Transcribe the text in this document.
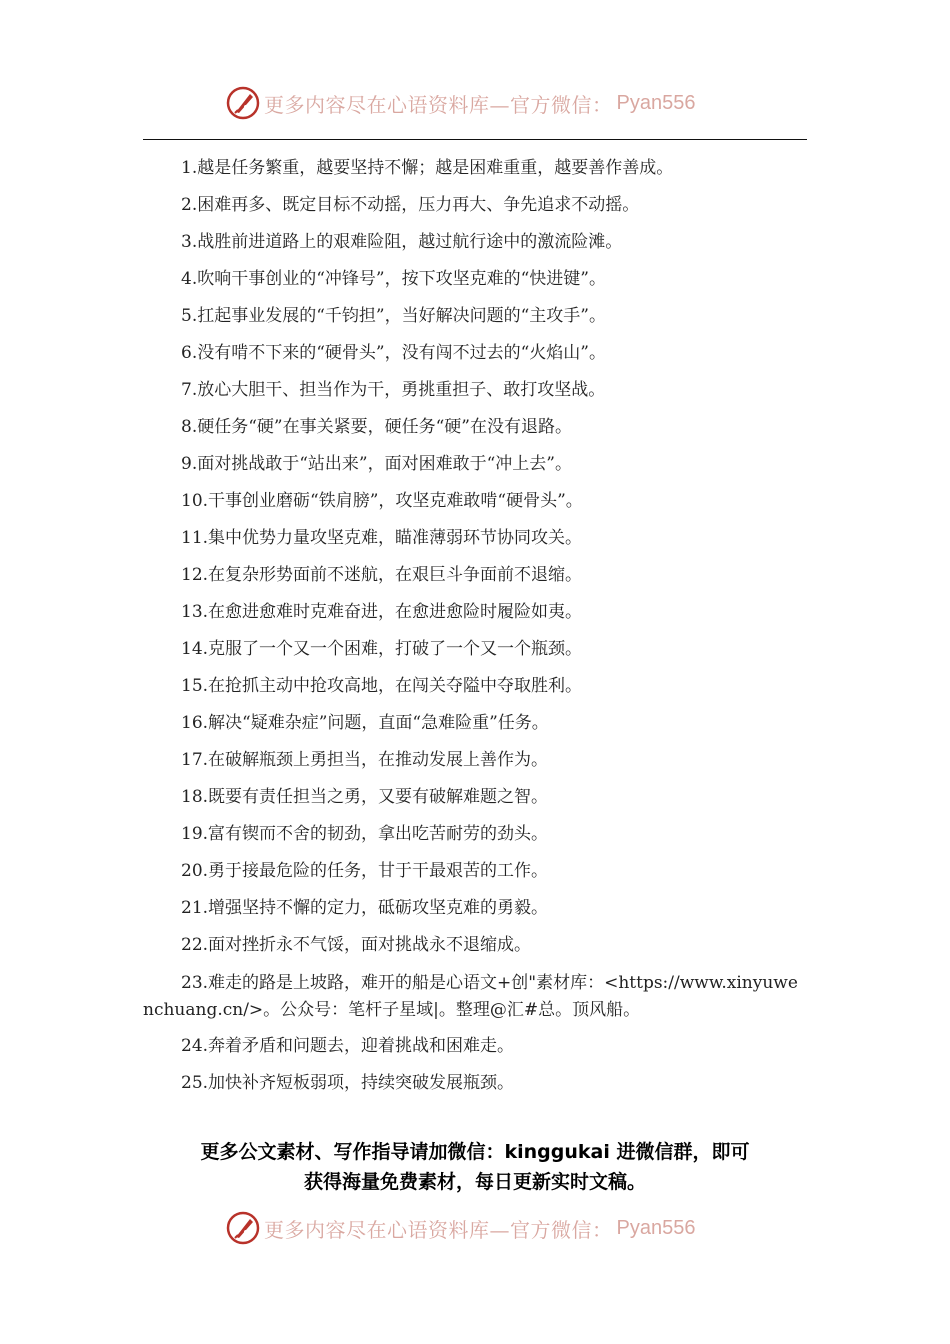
更多内容尽在心语资料库—官方微信： Pyan556
1.越是任务繁重，越要坚持不懈；越是困难重重，越要善作善成。
2.困难再多、既定目标不动摇，压力再大、争先追求不动摇。
3.战胜前进道路上的艰难险阻，越过航行途中的激流险滩。
4.吹响干事创业的“冲锋号”，按下攻坚克难的“快进键”。
5.扛起事业发展的“千钧担”，当好解决问题的“主攻手”。
6.没有啃不下来的“硬骨头”，没有闯不过去的“火焰山”。
7.放心大胆干、担当作为干，勇挑重担子、敢打攻坚战。
8.硬任务“硬”在事关紧要，硬任务“硬”在没有退路。
9.面对挑战敢于“站出来”，面对困难敢于“冲上去”。
10.干事创业磨砺“铁肩膀”，攻坚克难敢啃“硬骨头”。
11.集中优势力量攻坚克难，瞄准薄弱环节协同攻关。
12.在复杂形势面前不迷航，在艰巨斗争面前不退缩。
13.在愈进愈难时克难奋进，在愈进愈险时履险如夷。
14.克服了一个又一个困难，打破了一个又一个瓶颈。
15.在抢抓主动中抢攻高地，在闯关夺隘中夺取胜利。
16.解决“疑难杂症”问题，直面“急难险重”任务。
17.在破解瓶颈上勇担当，在推动发展上善作为。
18.既要有责任担当之勇，又要有破解难题之智。
19.富有锲而不舍的韧劲，拿出吃苦耐劳的劲头。
20.勇于接最危险的任务，甘于干最艰苦的工作。
21.增强坚持不懈的定力，砥砺攻坚克难的勇毅。
22.面对挫折永不气馁，面对挑战永不退缩成。
23.难走的路是上坡路，难开的船是心语文+创"素材库：<https://www.xinyuwenchuang.cn/>。公众号：笔杆子星域|。整理@汇#总。顶风船。
24.奔着矛盾和问题去，迎着挑战和困难走。
25.加快补齐短板弱项，持续突破发展瓶颈。
更多公文素材、写作指导请加微信：kinggukai 进微信群，即可
获得海量免费素材，每日更新实时文稿。
更多内容尽在心语资料库—官方微信： Pyan556
